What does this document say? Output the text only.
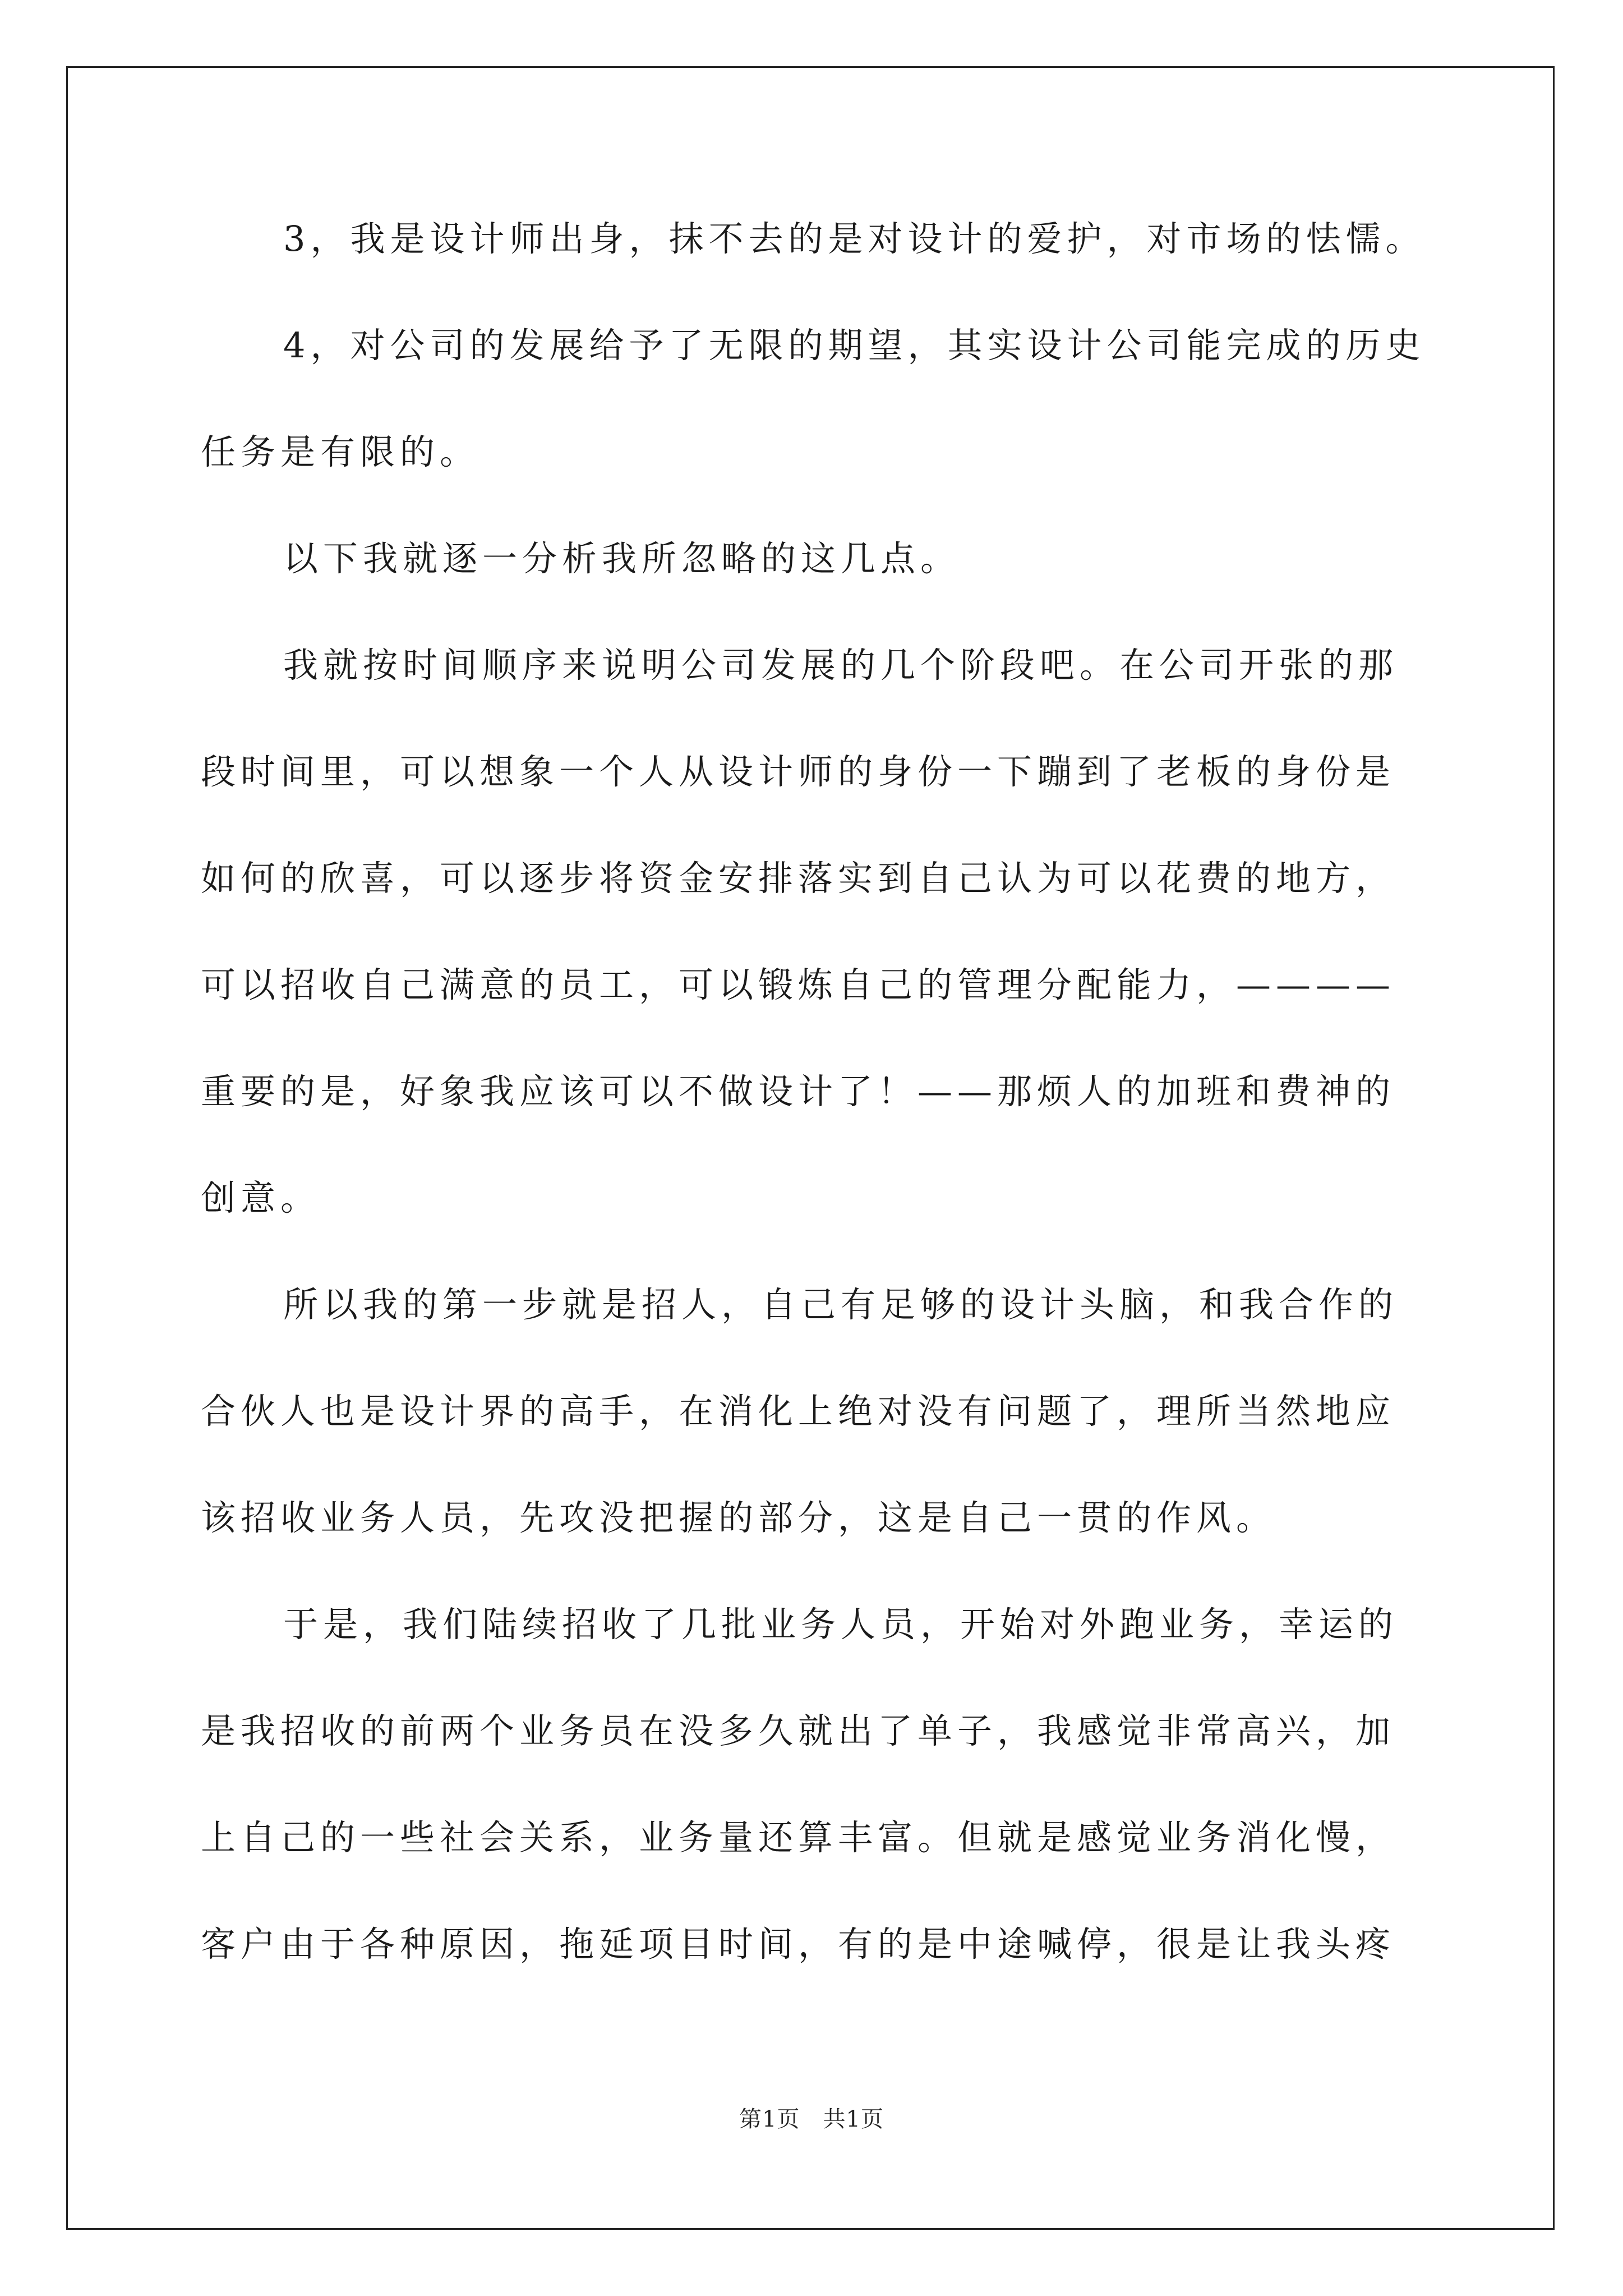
3，我是设计师出身，抹不去的是对设计的爱护，对市场的怯懦。
4，对公司的发展给予了无限的期望，其实设计公司能完成的历史
任务是有限的。
以下我就逐一分析我所忽略的这几点。
我就按时间顺序来说明公司发展的几个阶段吧。在公司开张的那
段时间里，可以想象一个人从设计师的身份一下蹦到了老板的身份是
如何的欣喜，可以逐步将资金安排落实到自己认为可以花费的地方，
可以招收自己满意的员工，可以锻炼自己的管理分配能力，————
重要的是，好象我应该可以不做设计了！——那烦人的加班和费神的
创意。
所以我的第一步就是招人，自己有足够的设计头脑，和我合作的
合伙人也是设计界的高手，在消化上绝对没有问题了，理所当然地应
该招收业务人员，先攻没把握的部分，这是自己一贯的作风。
于是，我们陆续招收了几批业务人员，开始对外跑业务，幸运的
是我招收的前两个业务员在没多久就出了单子，我感觉非常高兴，加
上自己的一些社会关系，业务量还算丰富。但就是感觉业务消化慢，
客户由于各种原因，拖延项目时间，有的是中途喊停，很是让我头疼
第1页　共1页
